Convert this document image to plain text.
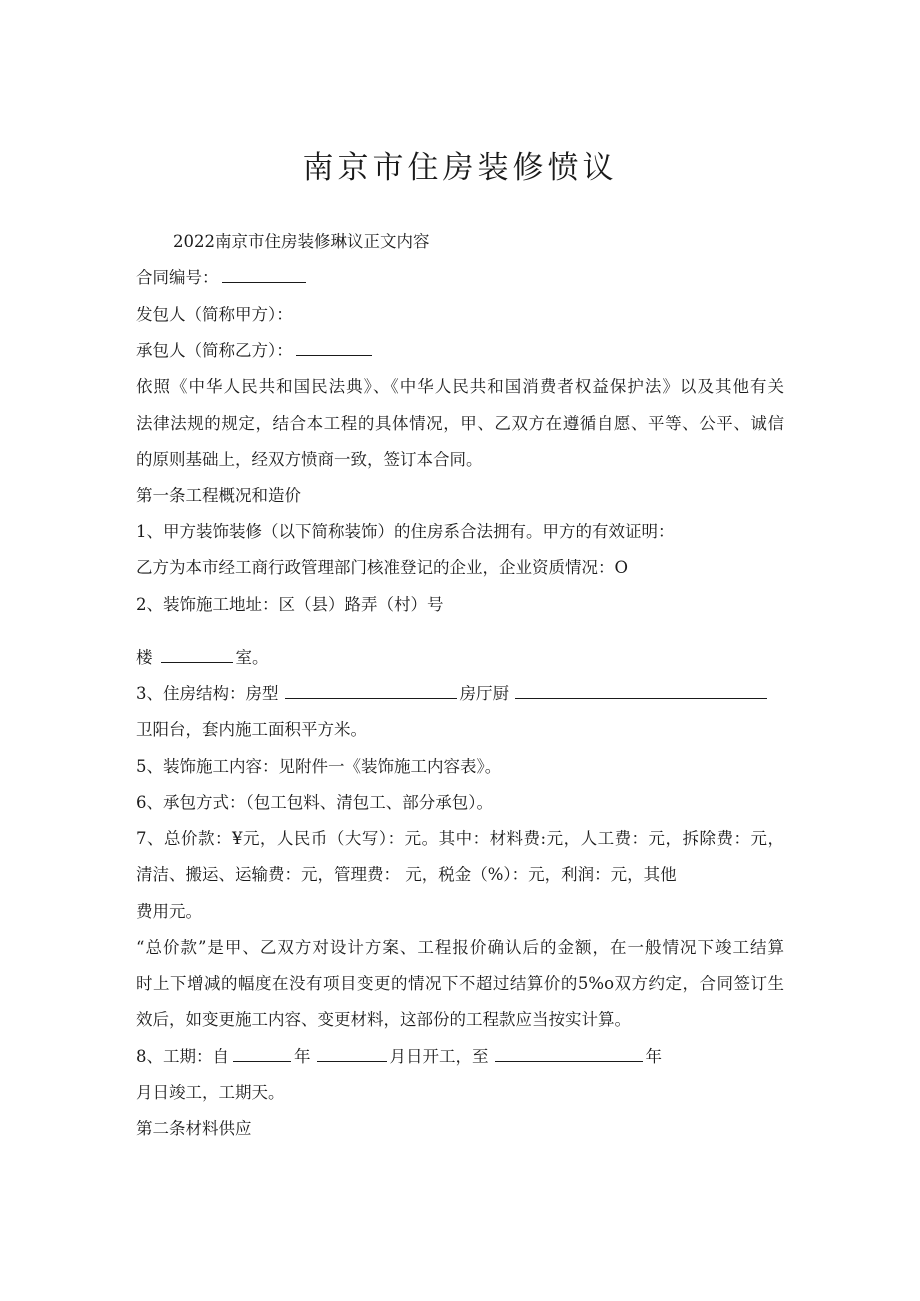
南京市住房装修愤议

2022南京市住房装修琳议正文内容

合同编号：

发包人（简称甲方）：

承包人（简称乙方）：

依照《中华人民共和国民法典》、《中华人民共和国消费者权益保护法》以及其他有关

法律法规的规定，结合本工程的具体情况，甲、乙双方在遵循自愿、平等、公平、诚信

的原则基础上，经双方愤商一致，签订本合同。

第一条工程概况和造价

1、甲方装饰装修（以下简称装饰）的住房系合法拥有。甲方的有效证明：

乙方为本市经工商行政管理部门核准登记的企业，企业资质情况：O

2、装饰施工地址：区（县）路弄（村）号

楼	室。

3、住房结构：房型	房厅厨

卫阳台，套内施工面积平方米。

5、装饰施工内容：见附件一《装饰施工内容表》。

6、承包方式：（包工包料、清包工、部分承包）。

7、总价款：¥元，人民币（大写）：元。其中：材料费:元，人工费：元，拆除费：元，

清洁、搬运、运输费：元，管理费： 元，税金（%）：元，利润：元，其他

费用元。

“总价款”是甲、乙双方对设计方案、工程报价确认后的金额，在一般情况下竣工结算

时上下增减的幅度在没有项目变更的情况下不超过结算价的5%o双方约定，合同签订生

效后，如变更施工内容、变更材料，这部份的工程款应当按实计算。

8、工期：自	年	月日开工，至	年

月日竣工，工期天。

第二条材料供应
